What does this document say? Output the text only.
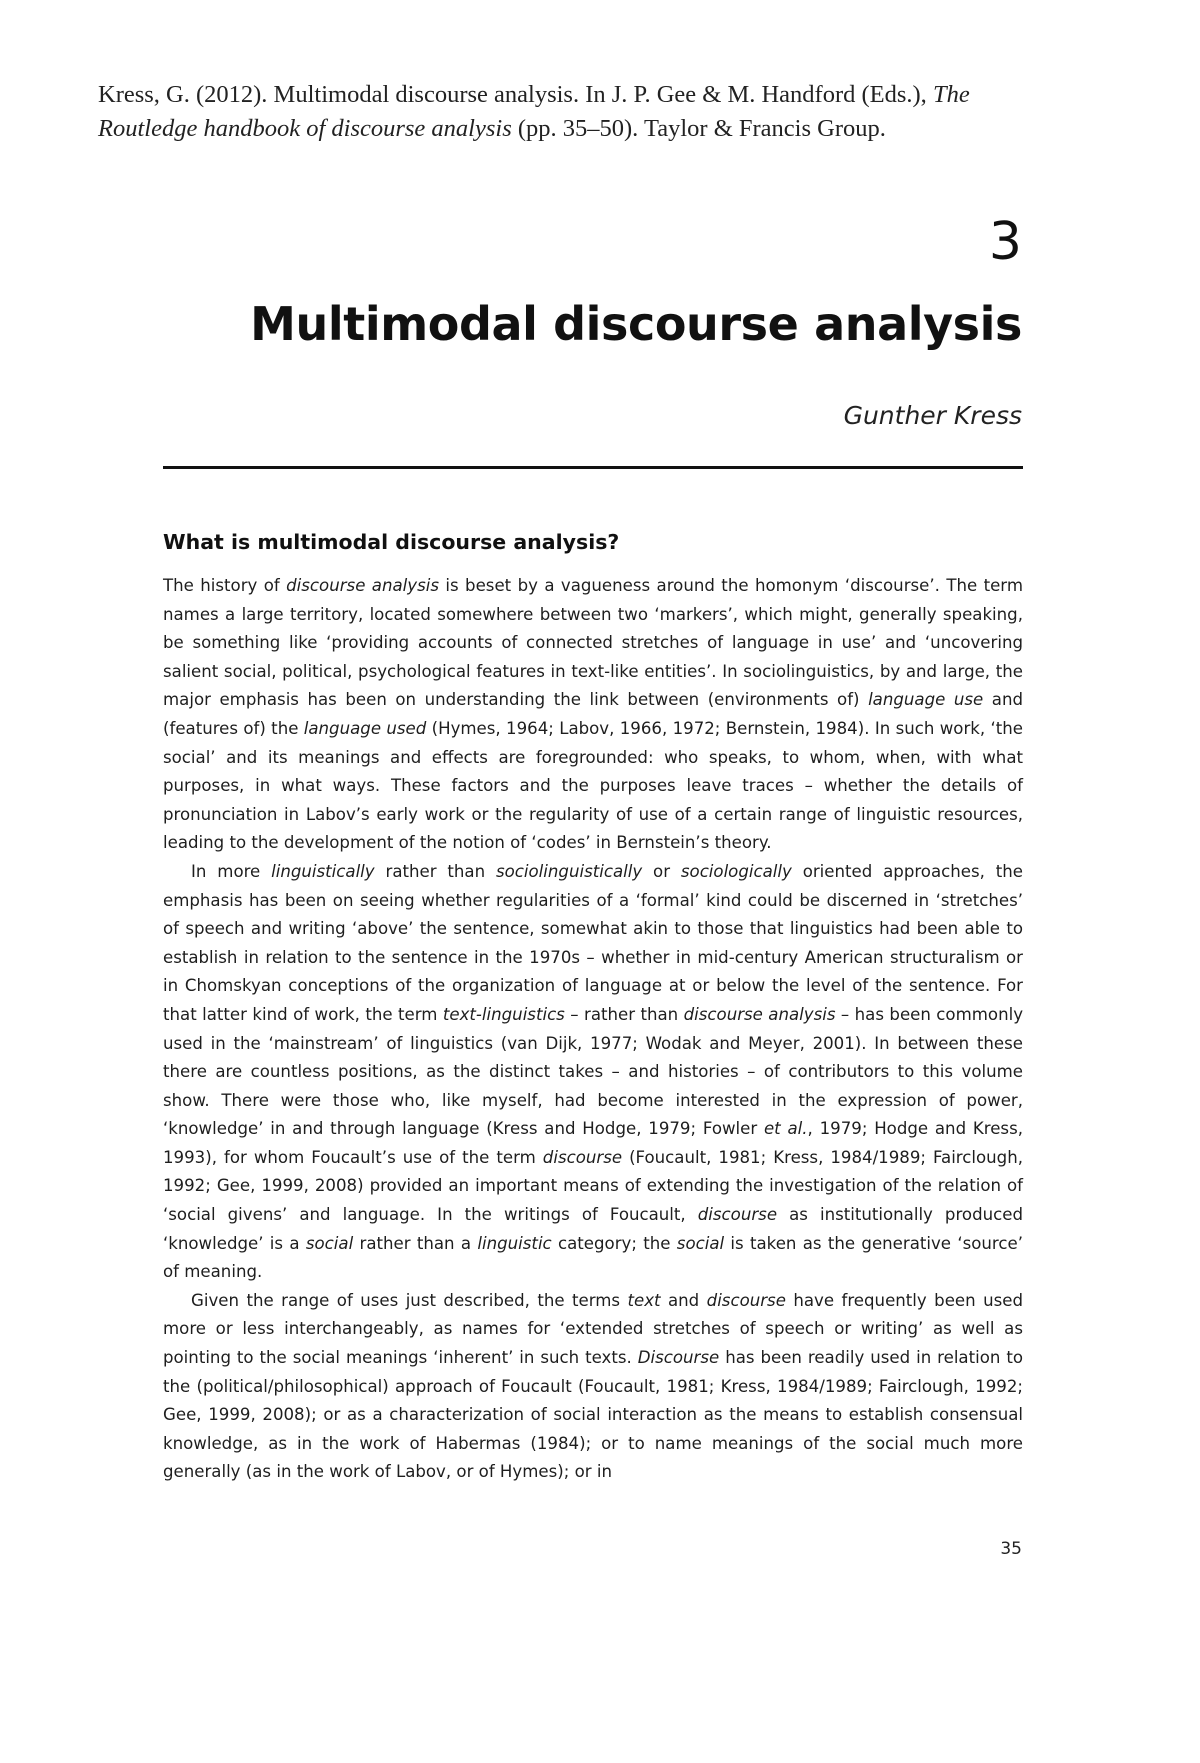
Kress, G. (2012). Multimodal discourse analysis. In J. P. Gee & M. Handford (Eds.), The Routledge handbook of discourse analysis (pp. 35–50). Taylor & Francis Group.
3
Multimodal discourse analysis
Gunther Kress
What is multimodal discourse analysis?

The history of discourse analysis is beset by a vagueness around the homonym ‘discourse’. The term names a large territory, located somewhere between two ‘markers’, which might, generally speaking, be something like ‘providing accounts of connected stretches of language in use’ and ‘uncovering salient social, political, psychological features in text-like entities’. In sociolinguistics, by and large, the major emphasis has been on understanding the link between (environments of) language use and (features of) the language used (Hymes, 1964; Labov, 1966, 1972; Bernstein, 1984). In such work, ‘the social’ and its meanings and effects are foregrounded: who speaks, to whom, when, with what purposes, in what ways. These factors and the purposes leave traces – whether the details of pronunciation in Labov’s early work or the regularity of use of a certain range of linguistic resources, leading to the development of the notion of ‘codes’ in Bernstein’s theory.

In more linguistically rather than sociolinguistically or sociologically oriented approaches, the emphasis has been on seeing whether regularities of a ‘formal’ kind could be discerned in ‘stretches’ of speech and writing ‘above’ the sentence, somewhat akin to those that linguistics had been able to establish in relation to the sentence in the 1970s – whether in mid-century American structuralism or in Chomskyan conceptions of the organization of language at or below the level of the sentence. For that latter kind of work, the term text-linguistics – rather than discourse analysis – has been commonly used in the ‘mainstream’ of linguistics (van Dijk, 1977; Wodak and Meyer, 2001). In between these there are countless positions, as the distinct takes – and histories – of contributors to this volume show. There were those who, like myself, had become interested in the expression of power, ‘knowledge’ in and through language (Kress and Hodge, 1979; Fowler et al., 1979; Hodge and Kress, 1993), for whom Foucault’s use of the term discourse (Foucault, 1981; Kress, 1984/1989; Fairclough, 1992; Gee, 1999, 2008) provided an important means of extending the investigation of the relation of ‘social givens’ and language. In the writings of Foucault, discourse as institutionally produced ‘knowledge’ is a social rather than a linguistic category; the social is taken as the generative ‘source’ of meaning.

Given the range of uses just described, the terms text and discourse have frequently been used more or less interchangeably, as names for ‘extended stretches of speech or writing’ as well as pointing to the social meanings ‘inherent’ in such texts. Discourse has been readily used in relation to the (political/philosophical) approach of Foucault (Foucault, 1981; Kress, 1984/1989; Fairclough, 1992; Gee, 1999, 2008); or as a characterization of social interaction as the means to establish consensual knowledge, as in the work of Habermas (1984); or to name meanings of the social much more generally (as in the work of Labov, or of Hymes); or in

35
